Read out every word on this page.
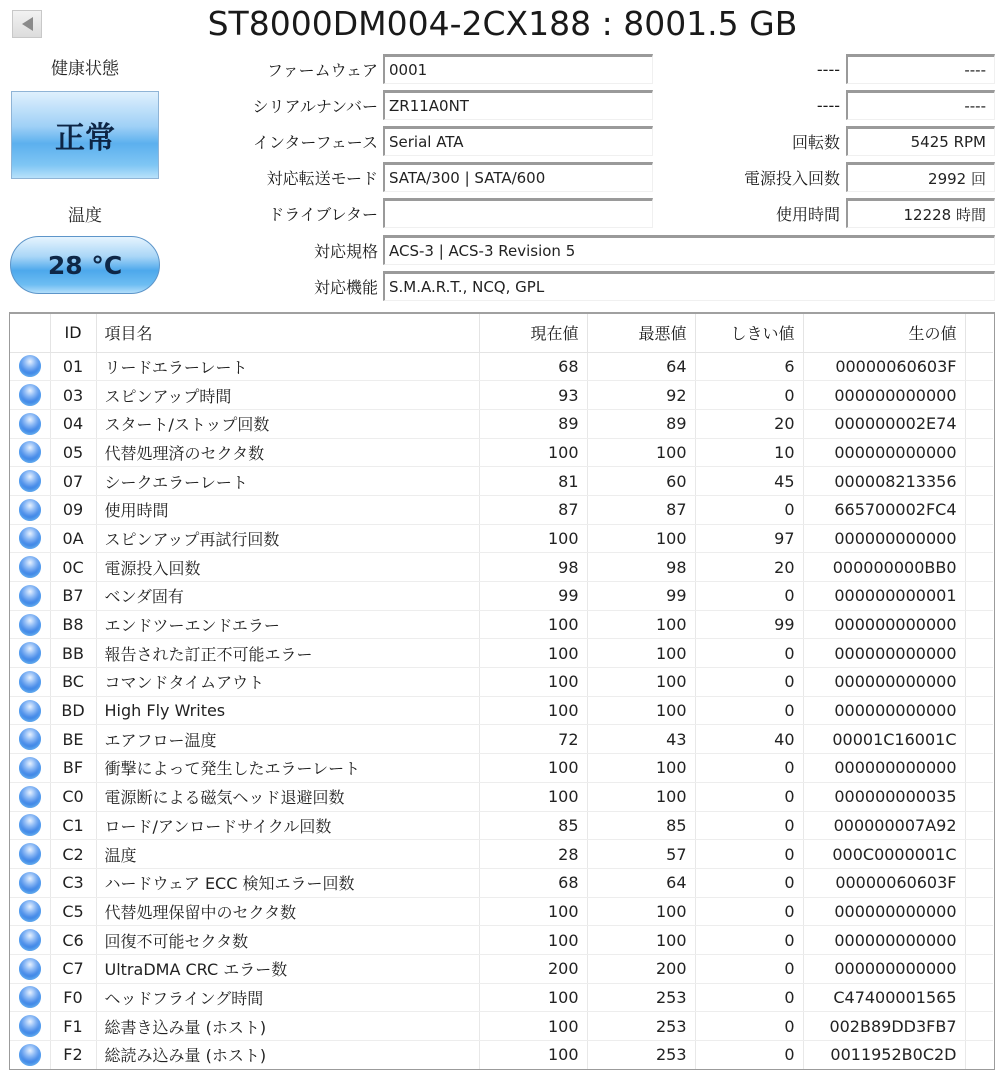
ST8000DM004-2CX188 : 8001.5 GB
健康状態
正常
温度
28 °C
ファームウェア 0001
シリアルナンバー ZR11A0NT
インターフェース Serial ATA
対応転送モード SATA/300 | SATA/600
ドライブレター
対応規格 ACS-3 | ACS-3 Revision 5
対応機能 S.M.A.R.T., NCQ, GPL
----	----
----	----
回転数	5425 RPM
電源投入回数	2992 回
使用時間	12228 時間
	ID	項目名	現在値	最悪値	しきい値	生の値	
	01	リードエラーレート	68	64	6	00000060603F	
	03	スピンアップ時間	93	92	0	000000000000	
	04	スタート/ストップ回数	89	89	20	000000002E74	
	05	代替処理済のセクタ数	100	100	10	000000000000	
	07	シークエラーレート	81	60	45	000008213356	
	09	使用時間	87	87	0	665700002FC4	
	0A	スピンアップ再試行回数	100	100	97	000000000000	
	0C	電源投入回数	98	98	20	000000000BB0	
	B7	ベンダ固有	99	99	0	000000000001	
	B8	エンドツーエンドエラー	100	100	99	000000000000	
	BB	報告された訂正不可能エラー	100	100	0	000000000000	
	BC	コマンドタイムアウト	100	100	0	000000000000	
	BD	High Fly Writes	100	100	0	000000000000	
	BE	エアフロー温度	72	43	40	00001C16001C	
	BF	衝撃によって発生したエラーレート	100	100	0	000000000000	
	C0	電源断による磁気ヘッド退避回数	100	100	0	000000000035	
	C1	ロード/アンロードサイクル回数	85	85	0	000000007A92	
	C2	温度	28	57	0	000C0000001C	
	C3	ハードウェア ECC 検知エラー回数	68	64	0	00000060603F	
	C5	代替処理保留中のセクタ数	100	100	0	000000000000	
	C6	回復不可能セクタ数	100	100	0	000000000000	
	C7	UltraDMA CRC エラー数	200	200	0	000000000000	
	F0	ヘッドフライング時間	100	253	0	C47400001565	
	F1	総書き込み量 (ホスト)	100	253	0	002B89DD3FB7	
	F2	総読み込み量 (ホスト)	100	253	0	0011952B0C2D	
